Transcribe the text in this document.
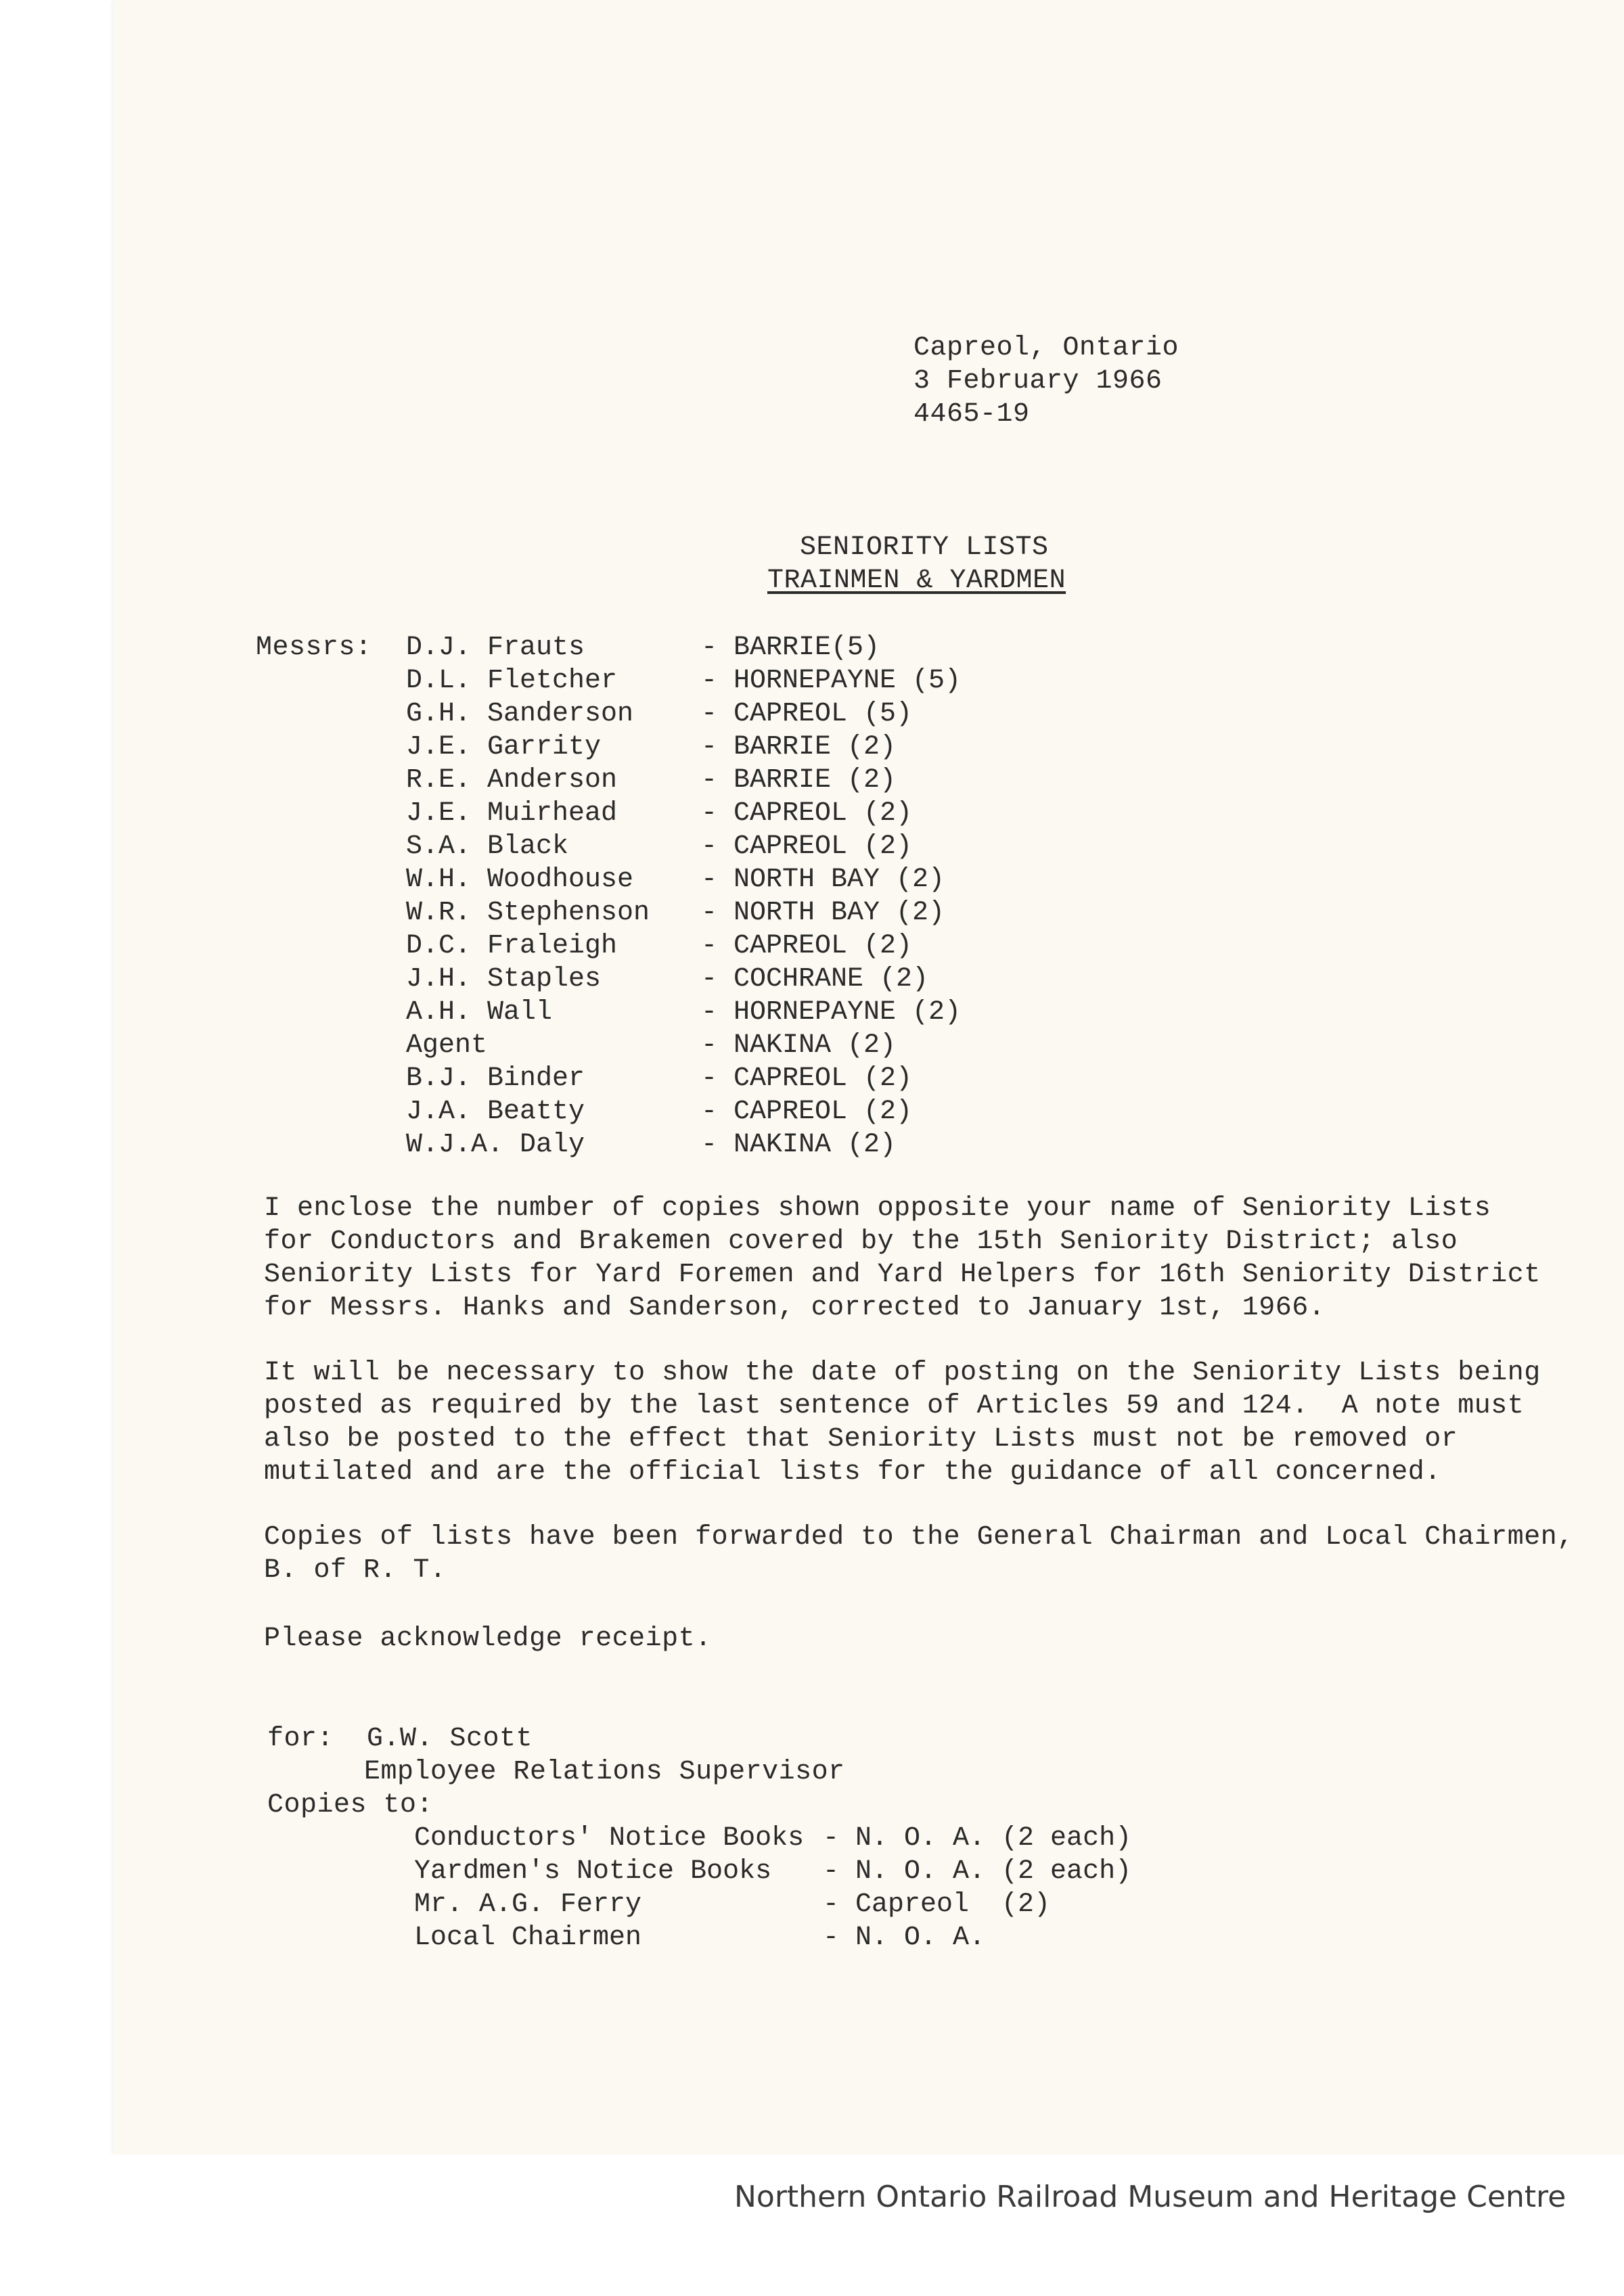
Capreol, Ontario
3 February 1966
4465-19
SENIORITY LISTS
TRAINMEN & YARDMEN
Messrs: D.J. Frauts	- BARRIE(5)
D.L. Fletcher	- HORNEPAYNE (5)
G.H. Sanderson - CAPREOL (5)
J.E. Garrity	- BARRIE (2)
R.E. Anderson	- BARRIE (2)
J.E. Muirhead	- CAPREOL (2)
S.A. Black	- CAPREOL (2)
W.H. Woodhouse - NORTH BAY (2)
W.R. Stephenson - NORTH BAY (2)
D.C. Fraleigh	- CAPREOL (2)
J.H. Staples	- COCHRANE (2)
A.H. Wall	- HORNEPAYNE (2)
Agent	- NAKINA (2)
B.J. Binder	- CAPREOL (2)
J.A. Beatty	- CAPREOL (2)
W.J.A. Daly	- NAKINA (2)
I enclose the number of copies shown opposite your name of Seniority Lists
for Conductors and Brakemen covered by the 15th Seniority District; also
Seniority Lists for Yard Foremen and Yard Helpers for 16th Seniority District
for Messrs. Hanks and Sanderson, corrected to January 1st, 1966.
It will be necessary to show the date of posting on the Seniority Lists being
posted as required by the last sentence of Articles 59 and 124.  A note must
also be posted to the effect that Seniority Lists must not be removed or
mutilated and are the official lists for the guidance of all concerned.
Copies of lists have been forwarded to the General Chairman and Local Chairmen,
B. of R. T.
Please acknowledge receipt.
for:  G.W. Scott
Employee Relations Supervisor
Copies to:
Conductors' Notice Books - N. O. A. (2 each)
Yardmen's Notice Books - N. O. A. (2 each)
Mr. A.G. Ferry	- Capreol  (2)
Local Chairmen	- N. O. A.
Northern Ontario Railroad Museum and Heritage Centre
